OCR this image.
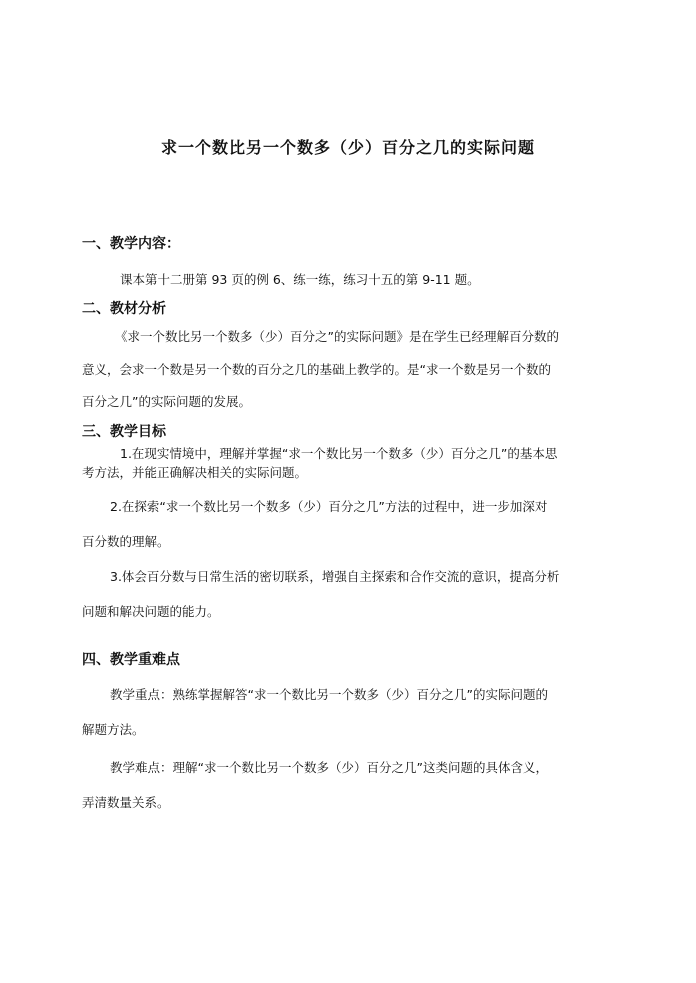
求一个数比另一个数多（少）百分之几的实际问题
一、教学内容：
课本第十二册第 93 页的例 6、练一练，练习十五的第 9-11 题。
二、教材分析
《求一个数比另一个数多（少）百分之”的实际问题》是在学生已经理解百分数的
意义，会求一个数是另一个数的百分之几的基础上教学的。是“求一个数是另一个数的
百分之几”的实际问题的发展。
三、教学目标
1.在现实情境中，理解并掌握“求一个数比另一个数多（少）百分之几”的基本思
考方法，并能正确解决相关的实际问题。
2.在探索“求一个数比另一个数多（少）百分之几”方法的过程中，进一步加深对
百分数的理解。
3.体会百分数与日常生活的密切联系，增强自主探索和合作交流的意识，提高分析
问题和解决问题的能力。
四、教学重难点
教学重点：熟练掌握解答“求一个数比另一个数多（少）百分之几”的实际问题的
解题方法。
教学难点：理解“求一个数比另一个数多（少）百分之几”这类问题的具体含义，
弄清数量关系。
